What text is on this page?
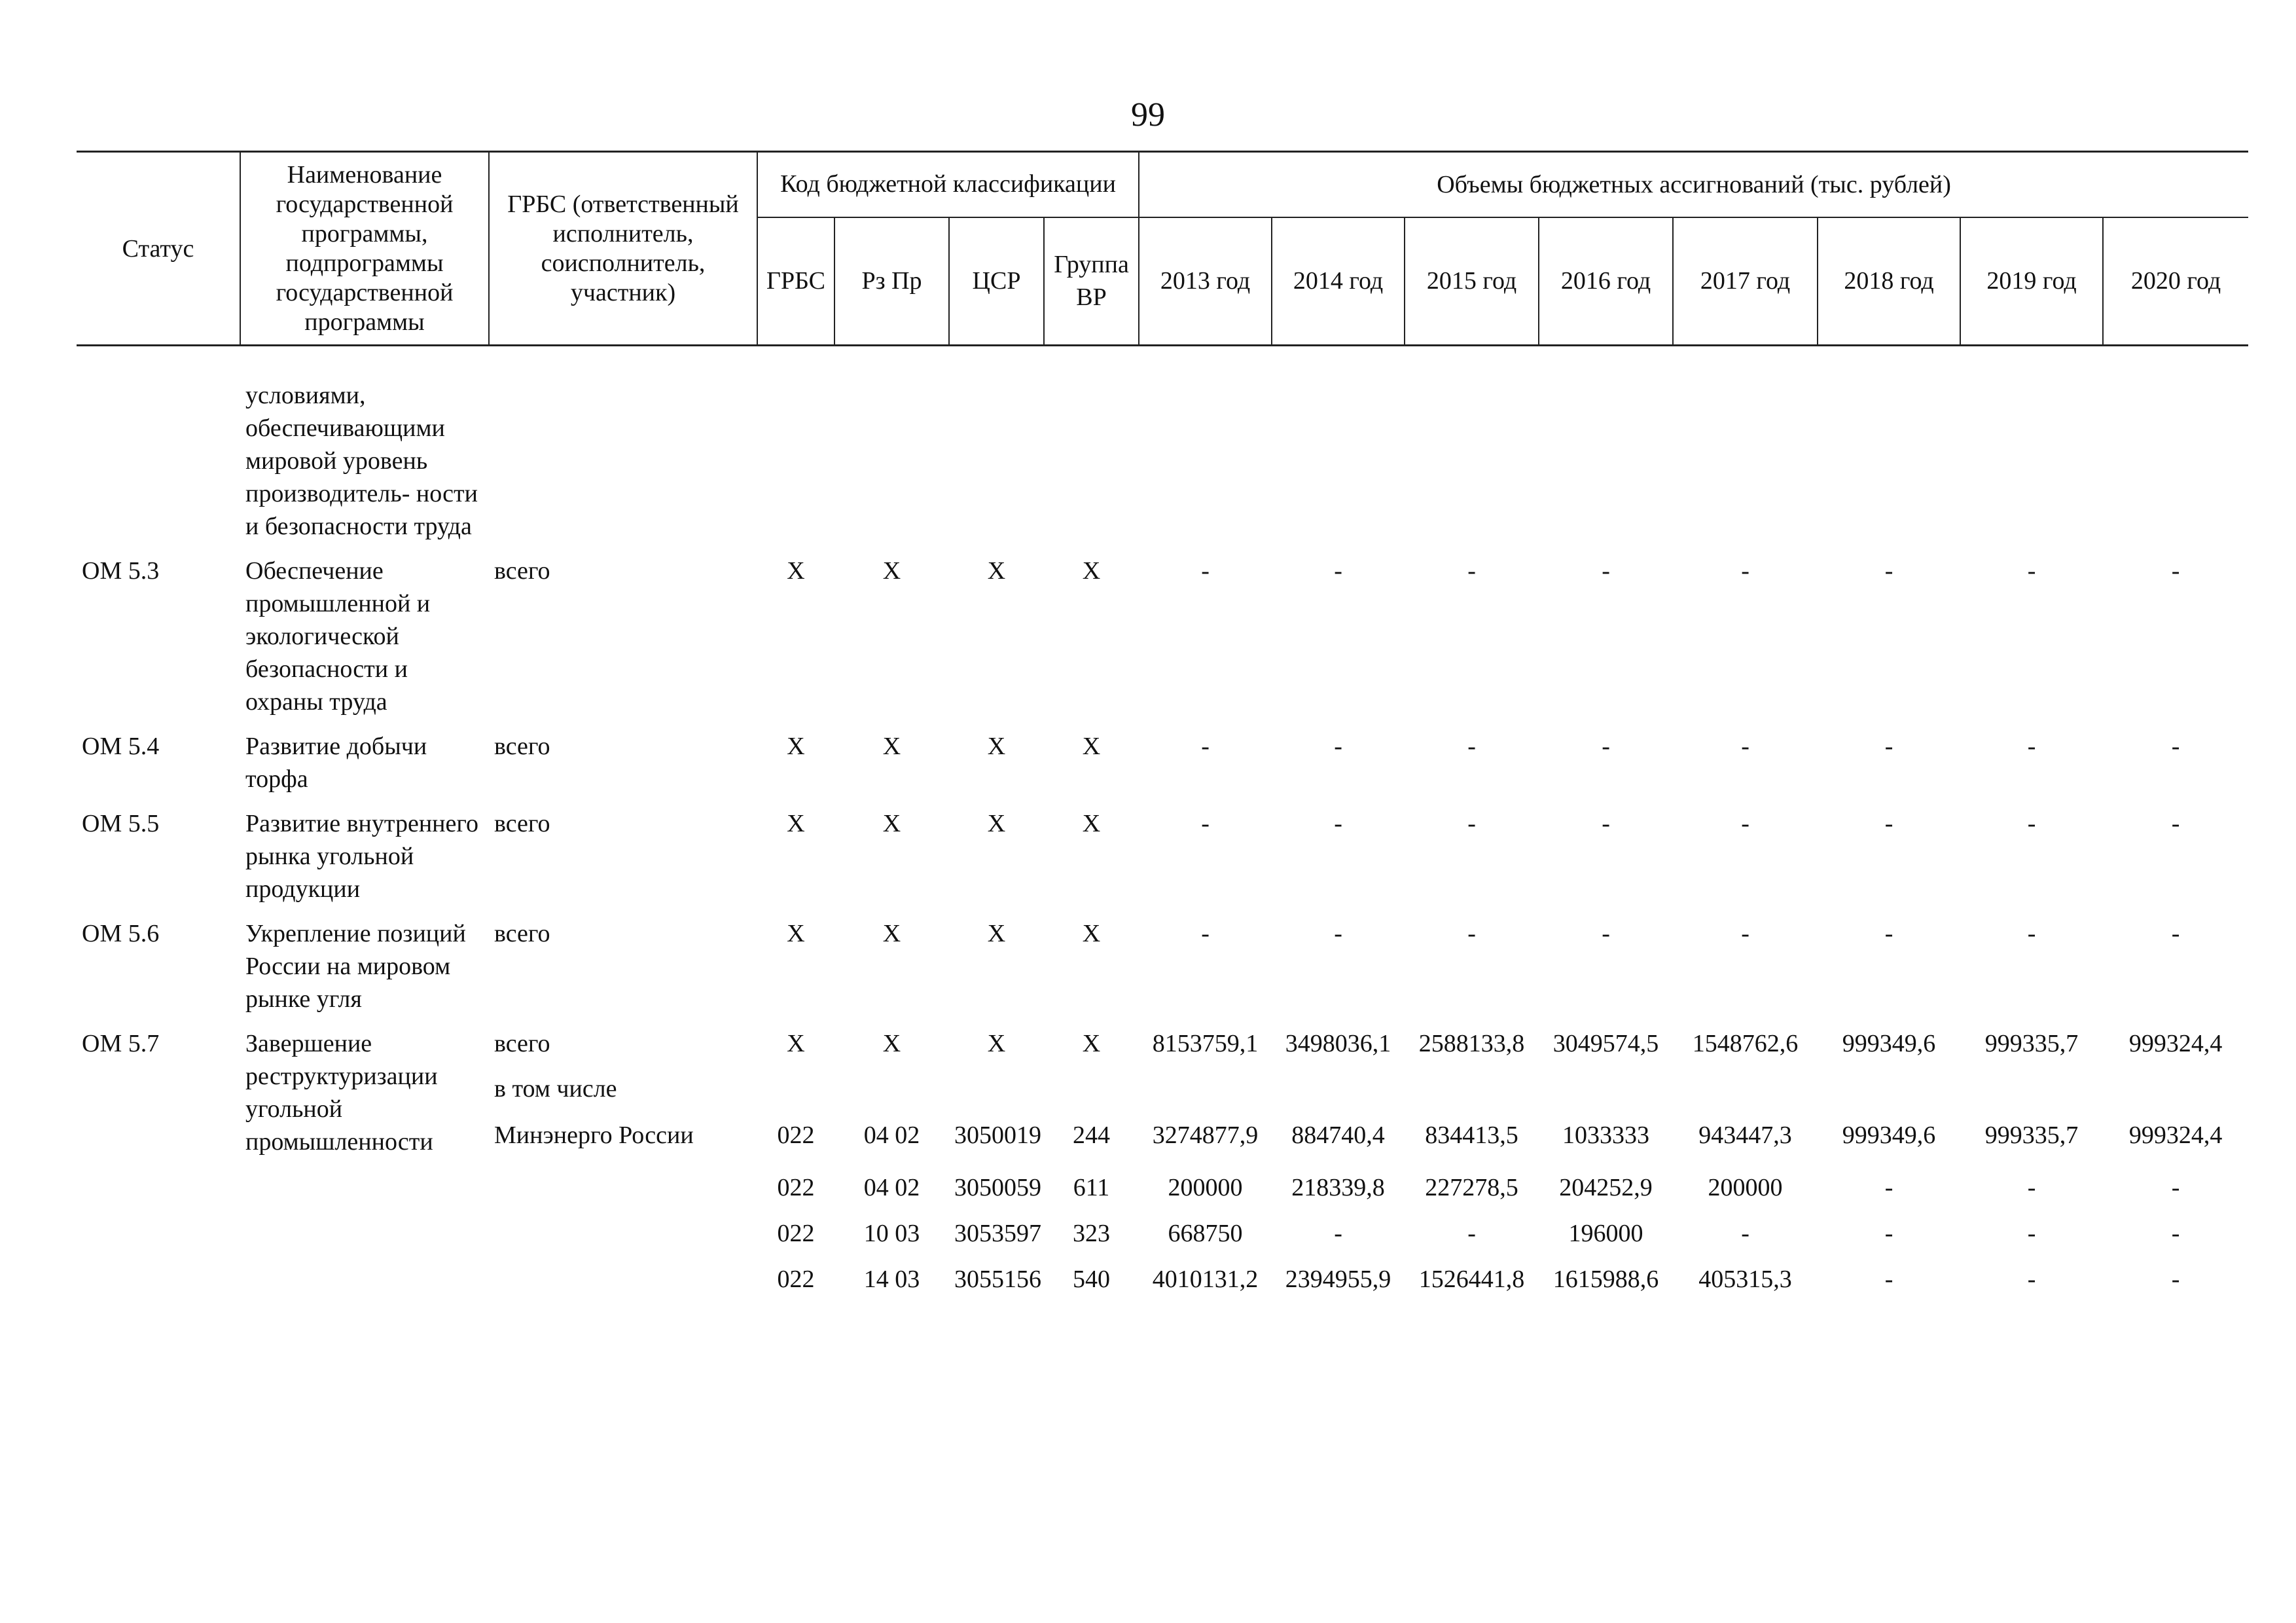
99
Статус	Наименование государственной программы, подпрограммы государственной программы	ГРБС (ответственный исполнитель, соисполнитель, участник)	Код бюджетной классификации				Объемы бюджетных ассигнований (тыс. рублей)							
			ГРБС	Рз Пр	ЦСР	Группа ВР	2013 год	2014 год	2015 год	2016 год	2017 год	2018 год	2019 год	2020 год
	условиями, обеспечивающими мировой уровень производитель- ности и безопасности труда													
ОМ 5.3	Обеспечение промышленной и экологической безопасности и охраны труда	всего	Х	Х	Х	Х	-	-	-	-	-	-	-	-
ОМ 5.4	Развитие добычи торфа	всего	Х	Х	Х	Х	-	-	-	-	-	-	-	-
ОМ 5.5	Развитие внутреннего рынка угольной продукции	всего	Х	Х	Х	Х	-	-	-	-	-	-	-	-
ОМ 5.6	Укрепление позиций России на мировом рынке угля	всего	Х	Х	Х	Х	-	-	-	-	-	-	-	-
ОМ 5.7	Завершение реструктуризации угольной промышленности	всего	Х	Х	Х	Х	8153759,1	3498036,1	2588133,8	3049574,5	1548762,6	999349,6	999335,7	999324,4
		в том числе												
		Минэнерго России	022	04 02	3050019	244	3274877,9	884740,4	834413,5	1033333	943447,3	999349,6	999335,7	999324,4
			022	04 02	3050059	611	200000	218339,8	227278,5	204252,9	200000	-	-	-
			022	10 03	3053597	323	668750	-	-	196000	-	-	-	-
			022	14 03	3055156	540	4010131,2	2394955,9	1526441,8	1615988,6	405315,3	-	-	-
